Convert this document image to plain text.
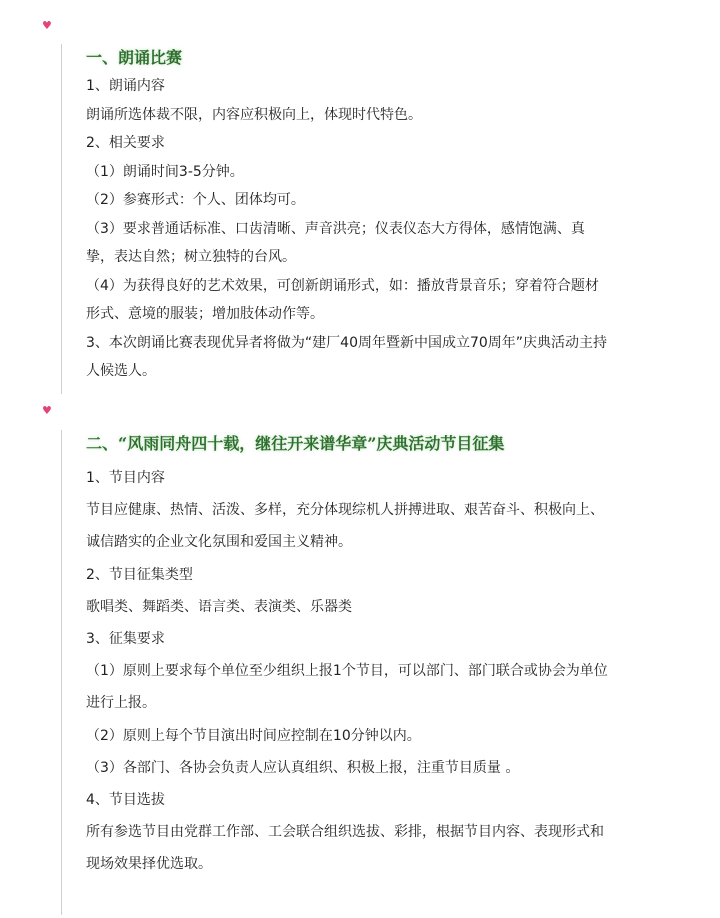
♥
一、朗诵比赛
1、朗诵内容
朗诵所选体裁不限，内容应积极向上，体现时代特色。
2、相关要求
（1）朗诵时间3-5分钟。
（2）参赛形式：个人、团体均可。
（3）要求普通话标准、口齿清晰、声音洪亮；仪表仪态大方得体，感情饱满、真
挚，表达自然；树立独特的台风。
（4）为获得良好的艺术效果，可创新朗诵形式，如：播放背景音乐；穿着符合题材
形式、意境的服装；增加肢体动作等。
3、本次朗诵比赛表现优异者将做为“建厂40周年暨新中国成立70周年”庆典活动主持
人候选人。
♥
二、“风雨同舟四十载，继往开来谱华章”庆典活动节目征集
1、节目内容
节目应健康、热情、活泼、多样，充分体现综机人拼搏进取、艰苦奋斗、积极向上、
诚信踏实的企业文化氛围和爱国主义精神。
2、节目征集类型
歌唱类、舞蹈类、语言类、表演类、乐器类
3、征集要求
（1）原则上要求每个单位至少组织上报1个节目，可以部门、部门联合或协会为单位
进行上报。
（2）原则上每个节目演出时间应控制在10分钟以内。
（3）各部门、各协会负责人应认真组织、积极上报，注重节目质量 。
4、节目选拔
所有参选节目由党群工作部、工会联合组织选拔、彩排，根据节目内容、表现形式和
现场效果择优选取。
